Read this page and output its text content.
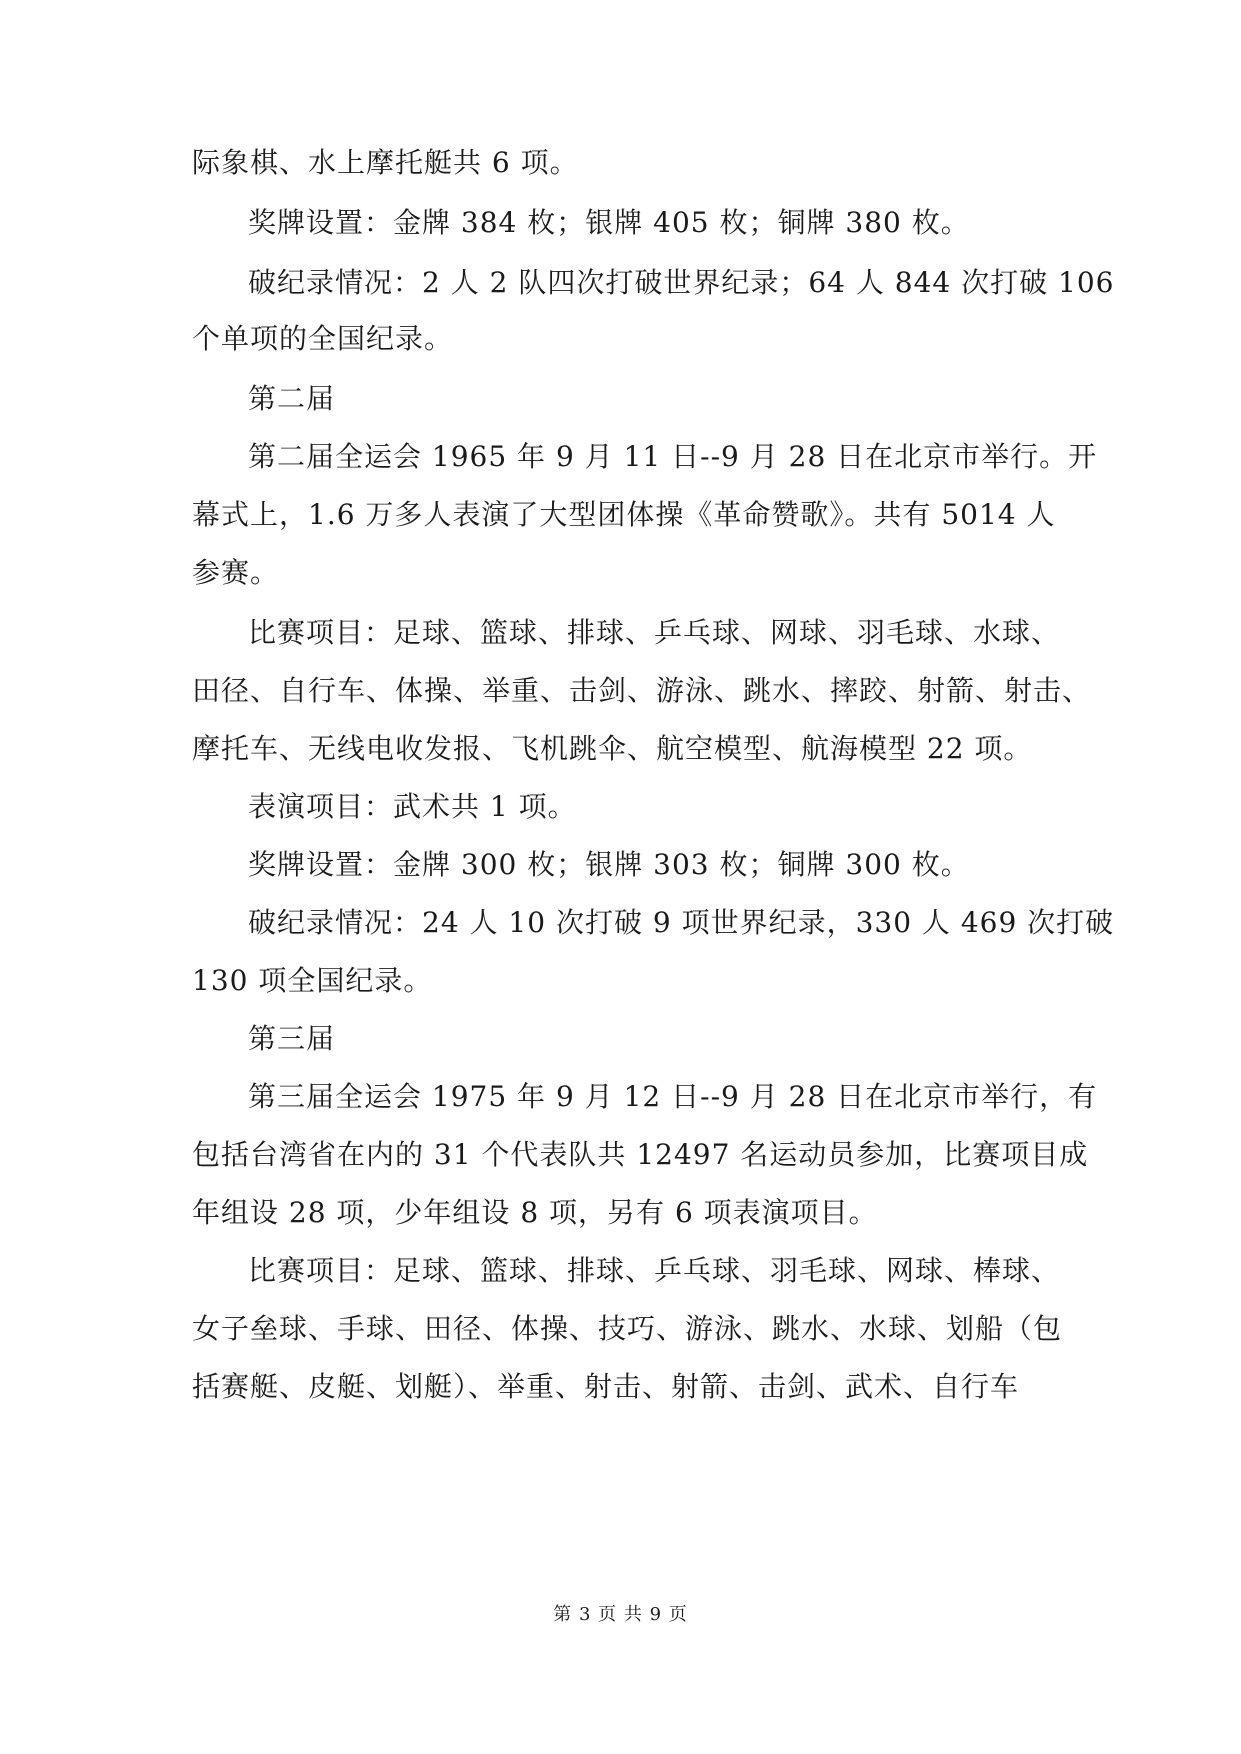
际象棋、水上摩托艇共 6 项。
奖牌设置：金牌 384 枚；银牌 405 枚；铜牌 380 枚。
破纪录情况：2 人 2 队四次打破世界纪录；64 人 844 次打破 106
个单项的全国纪录。
第二届
第二届全运会 1965 年 9 月 11 日--9 月 28 日在北京市举行。开
幕式上，1.6 万多人表演了大型团体操《革命赞歌》。共有 5014 人
参赛。
比赛项目：足球、篮球、排球、乒乓球、网球、羽毛球、水球、
田径、自行车、体操、举重、击剑、游泳、跳水、摔跤、射箭、射击、
摩托车、无线电收发报、飞机跳伞、航空模型、航海模型 22 项。
表演项目：武术共 1 项。
奖牌设置：金牌 300 枚；银牌 303 枚；铜牌 300 枚。
破纪录情况：24 人 10 次打破 9 项世界纪录，330 人 469 次打破
130 项全国纪录。
第三届
第三届全运会 1975 年 9 月 12 日--9 月 28 日在北京市举行，有
包括台湾省在内的 31 个代表队共 12497 名运动员参加，比赛项目成
年组设 28 项，少年组设 8 项，另有 6 项表演项目。
比赛项目：足球、篮球、排球、乒乓球、羽毛球、网球、棒球、
女子垒球、手球、田径、体操、技巧、游泳、跳水、水球、划船（包
括赛艇、皮艇、划艇）、举重、射击、射箭、击剑、武术、自行车
第 3 页 共 9 页
